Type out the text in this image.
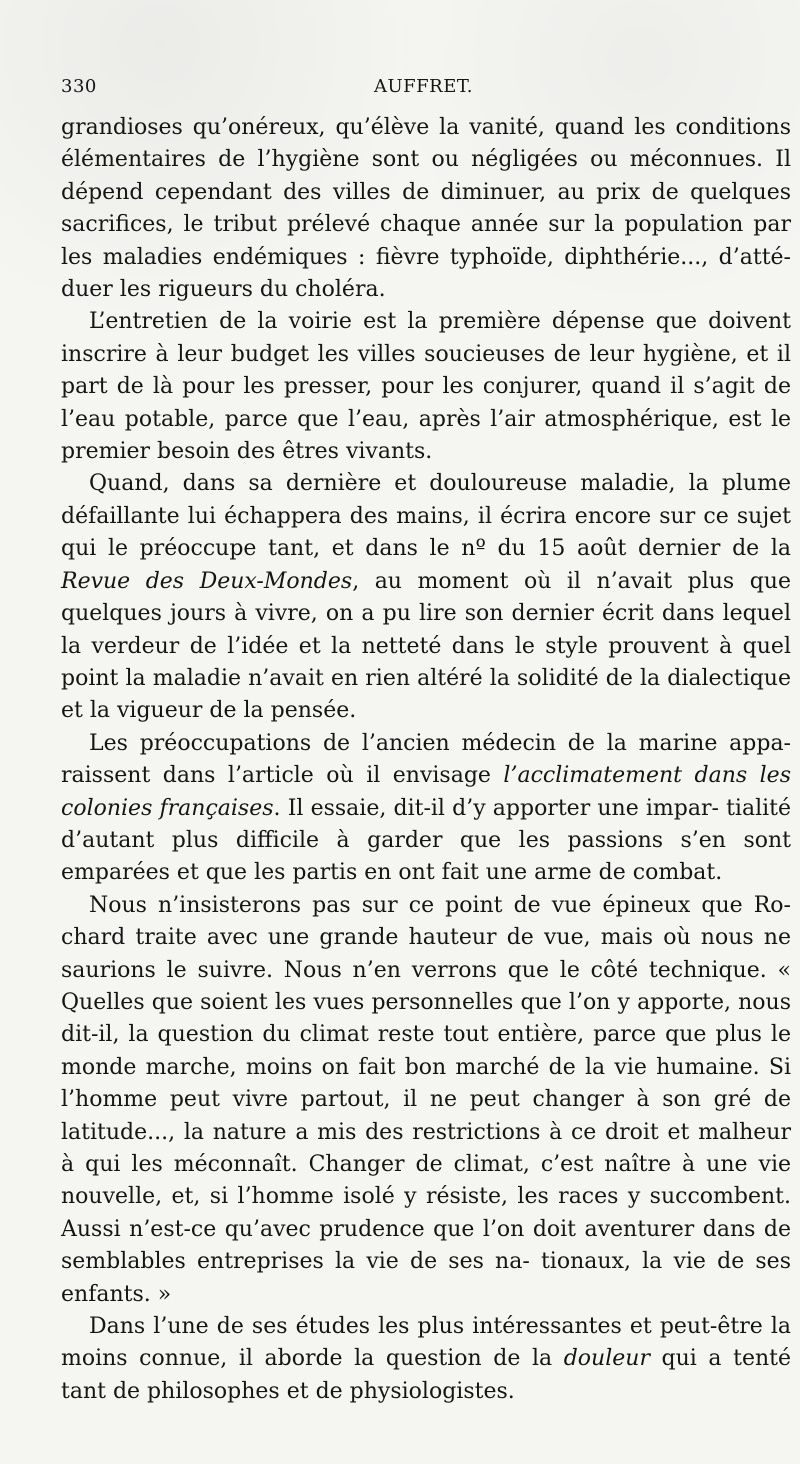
330	AUFFRET.

grandioses qu’onéreux, qu’élève la vanité, quand les conditions élémentaires de l’hygiène sont ou négligées ou méconnues. Il dépend cependant des villes de diminuer, au prix de quelques sacrifices, le tribut prélevé chaque année sur la population par les maladies endémiques : fièvre typhoïde, diphthérie..., d’atté- duer les rigueurs du choléra.

L’entretien de la voirie est la première dépense que doivent inscrire à leur budget les villes soucieuses de leur hygiène, et il part de là pour les presser, pour les conjurer, quand il s’agit de l’eau potable, parce que l’eau, après l’air atmosphérique, est le premier besoin des êtres vivants.

Quand, dans sa dernière et douloureuse maladie, la plume défaillante lui échappera des mains, il écrira encore sur ce sujet qui le préoccupe tant, et dans le nº du 15 août dernier de la Revue des Deux-Mondes, au moment où il n’avait plus que quelques jours à vivre, on a pu lire son dernier écrit dans lequel la verdeur de l’idée et la netteté dans le style prouvent à quel point la maladie n’avait en rien altéré la solidité de la dialectique et la vigueur de la pensée.

Les préoccupations de l’ancien médecin de la marine appa- raissent dans l’article où il envisage l’acclimatement dans les colonies françaises. Il essaie, dit-il d’y apporter une impar- tialité d’autant plus difficile à garder que les passions s’en sont emparées et que les partis en ont fait une arme de combat.

Nous n’insisterons pas sur ce point de vue épineux que Ro- chard traite avec une grande hauteur de vue, mais où nous ne saurions le suivre. Nous n’en verrons que le côté technique. « Quelles que soient les vues personnelles que l’on y apporte, nous dit-il, la question du climat reste tout entière, parce que plus le monde marche, moins on fait bon marché de la vie humaine. Si l’homme peut vivre partout, il ne peut changer à son gré de latitude..., la nature a mis des restrictions à ce droit et malheur à qui les méconnaît. Changer de climat, c’est naître à une vie nouvelle, et, si l’homme isolé y résiste, les races y succombent. Aussi n’est-ce qu’avec prudence que l’on doit aventurer dans de semblables entreprises la vie de ses na- tionaux, la vie de ses enfants. »

Dans l’une de ses études les plus intéressantes et peut-être la moins connue, il aborde la question de la douleur qui a tenté tant de philosophes et de physiologistes.
